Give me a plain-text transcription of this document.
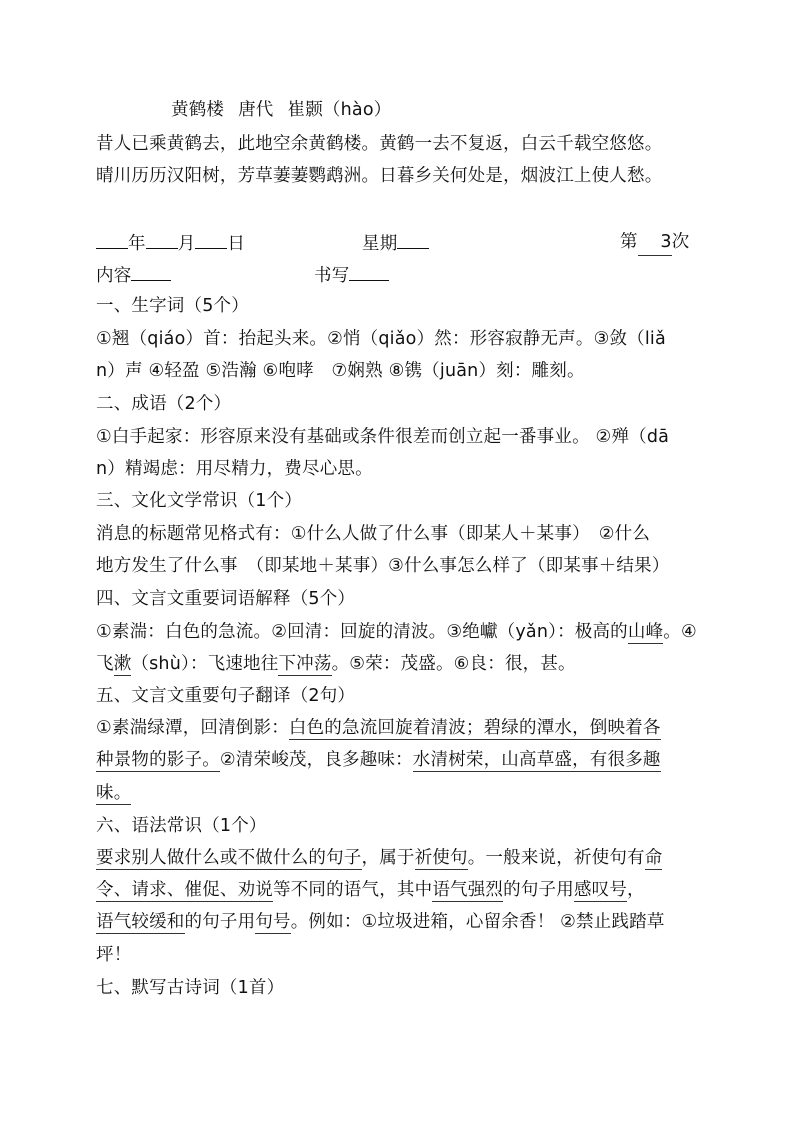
黄鹤楼 唐代 崔颢（hào）
昔人已乘黄鹤去，此地空余黄鹤楼。黄鹤一去不复返，白云千载空悠悠。
晴川历历汉阳树，芳草萋萋鹦鹉洲。日暮乡关何处是，烟波江上使人愁。
年 月 日	星期	第 3次
内容	书写
一、生字词（5个）
①翘（qiáo）首：抬起头来。②悄（qiǎo）然：形容寂静无声。③敛（liǎ
n）声 ④轻盈 ⑤浩瀚 ⑥咆哮　⑦娴熟 ⑧镌（juān）刻：雕刻。
二、成语（2个）
①白手起家：形容原来没有基础或条件很差而创立起一番事业。 ②殚（dā
n）精竭虑：用尽精力，费尽心思。
三、文化文学常识（1个）
消息的标题常见格式有：①什么人做了什么事（即某人＋某事）　②什么
地方发生了什么事　（即某地＋某事）③什么事怎么样了（即某事＋结果）
四、文言文重要词语解释（5个）
①素湍：白色的急流。②回清：回旋的清波。③绝巘（yǎn）：极高的山峰。④
飞漱（shù）：飞速地往下冲荡。⑤荣：茂盛。⑥良：很，甚。
五、文言文重要句子翻译（2句）
①素湍绿潭，回清倒影：白色的急流回旋着清波；碧绿的潭水，倒映着各
种景物的影子。②清荣峻茂，良多趣味：水清树荣，山高草盛，有很多趣
味。
六、语法常识（1个）
要求别人做什么或不做什么的句子，属于祈使句。一般来说，祈使句有命
令、请求、催促、劝说等不同的语气，其中语气强烈的句子用感叹号，
语气较缓和的句子用句号。例如：①垃圾进箱，心留余香！ ②禁止践踏草
坪！
七、默写古诗词（1首）
